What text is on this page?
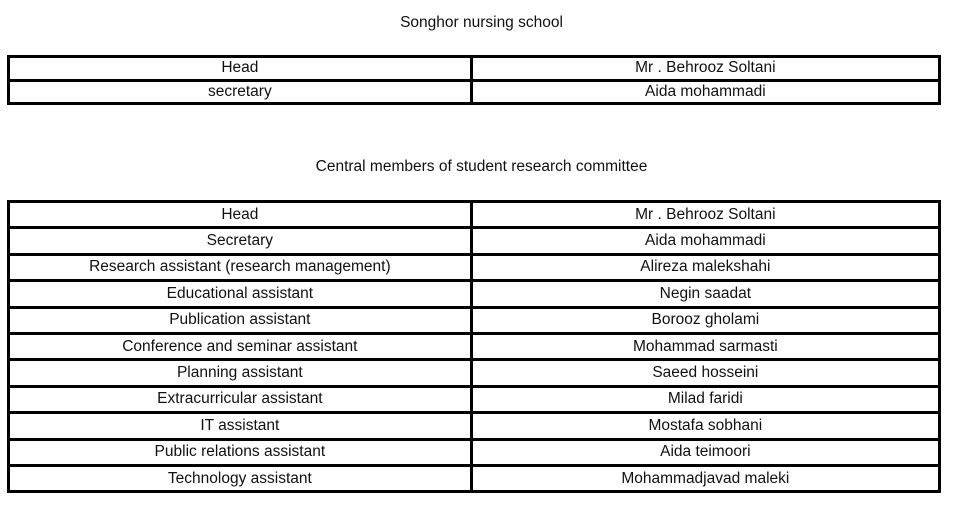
Songhor nursing school
Head	Mr . Behrooz Soltani
secretary	Aida mohammadi
Central members of student research committee
Head	Mr . Behrooz Soltani
Secretary	Aida mohammadi
Research assistant (research management)	Alireza malekshahi
Educational assistant	Negin saadat
Publication assistant	Borooz gholami
Conference and seminar assistant	Mohammad sarmasti
Planning assistant	Saeed hosseini
Extracurricular assistant	Milad faridi
IT assistant	Mostafa sobhani
Public relations assistant	Aida teimoori
Technology assistant	Mohammadjavad maleki
